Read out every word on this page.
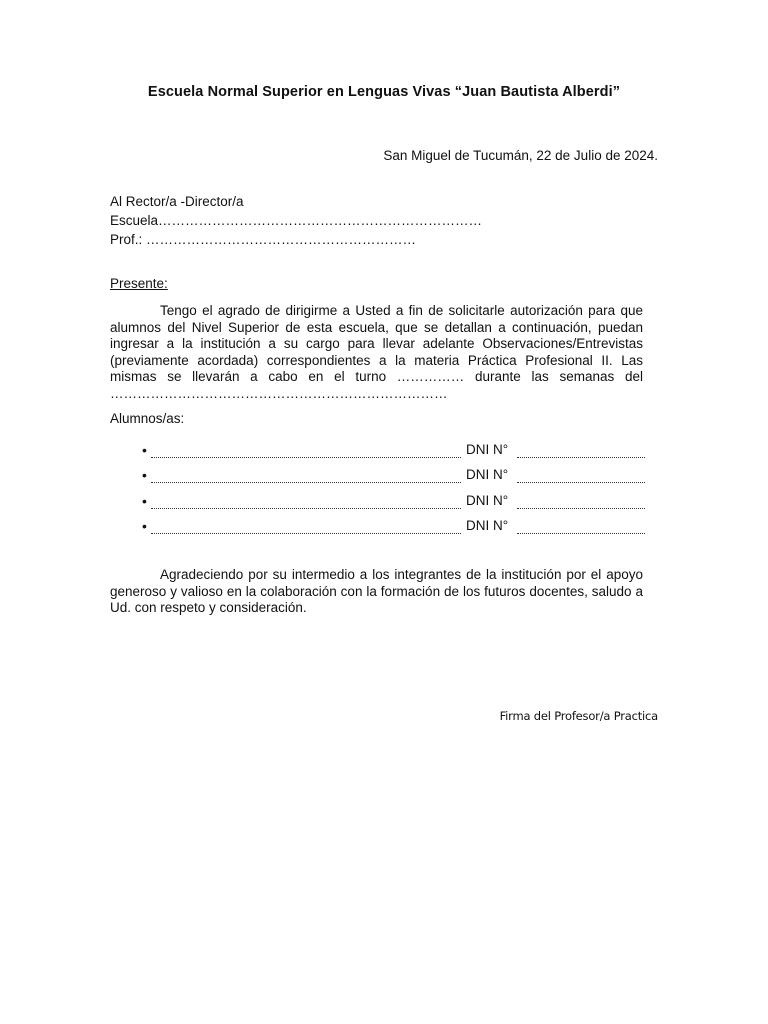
Escuela Normal Superior en Lenguas Vivas “Juan Bautista Alberdi”
San Miguel de Tucumán, 22 de Julio de 2024.
Al Rector/a -Director/a
Escuela………………………………………………………………
Prof.: ……………………………………………………
Presente:

Tengo el agrado de dirigirme a Usted a fin de solicitarle autorización para que alumnos del Nivel Superior de esta escuela, que se detallan a continuación, puedan ingresar a la institución a su cargo para llevar adelante Observaciones/Entrevistas (previamente acordada) correspondientes a la materia Práctica Profesional II. Las mismas se llevarán a cabo en el turno …………… durante las semanas del …………………………………………………………………

Alumnos/as:
•	DNI N°
•	DNI N°
•	DNI N°
•	DNI N°

Agradeciendo por su intermedio a los integrantes de la institución por el apoyo generoso y valioso en la colaboración con la formación de los futuros docentes, saludo a Ud. con respeto y consideración.

Firma del Profesor/a Practica
